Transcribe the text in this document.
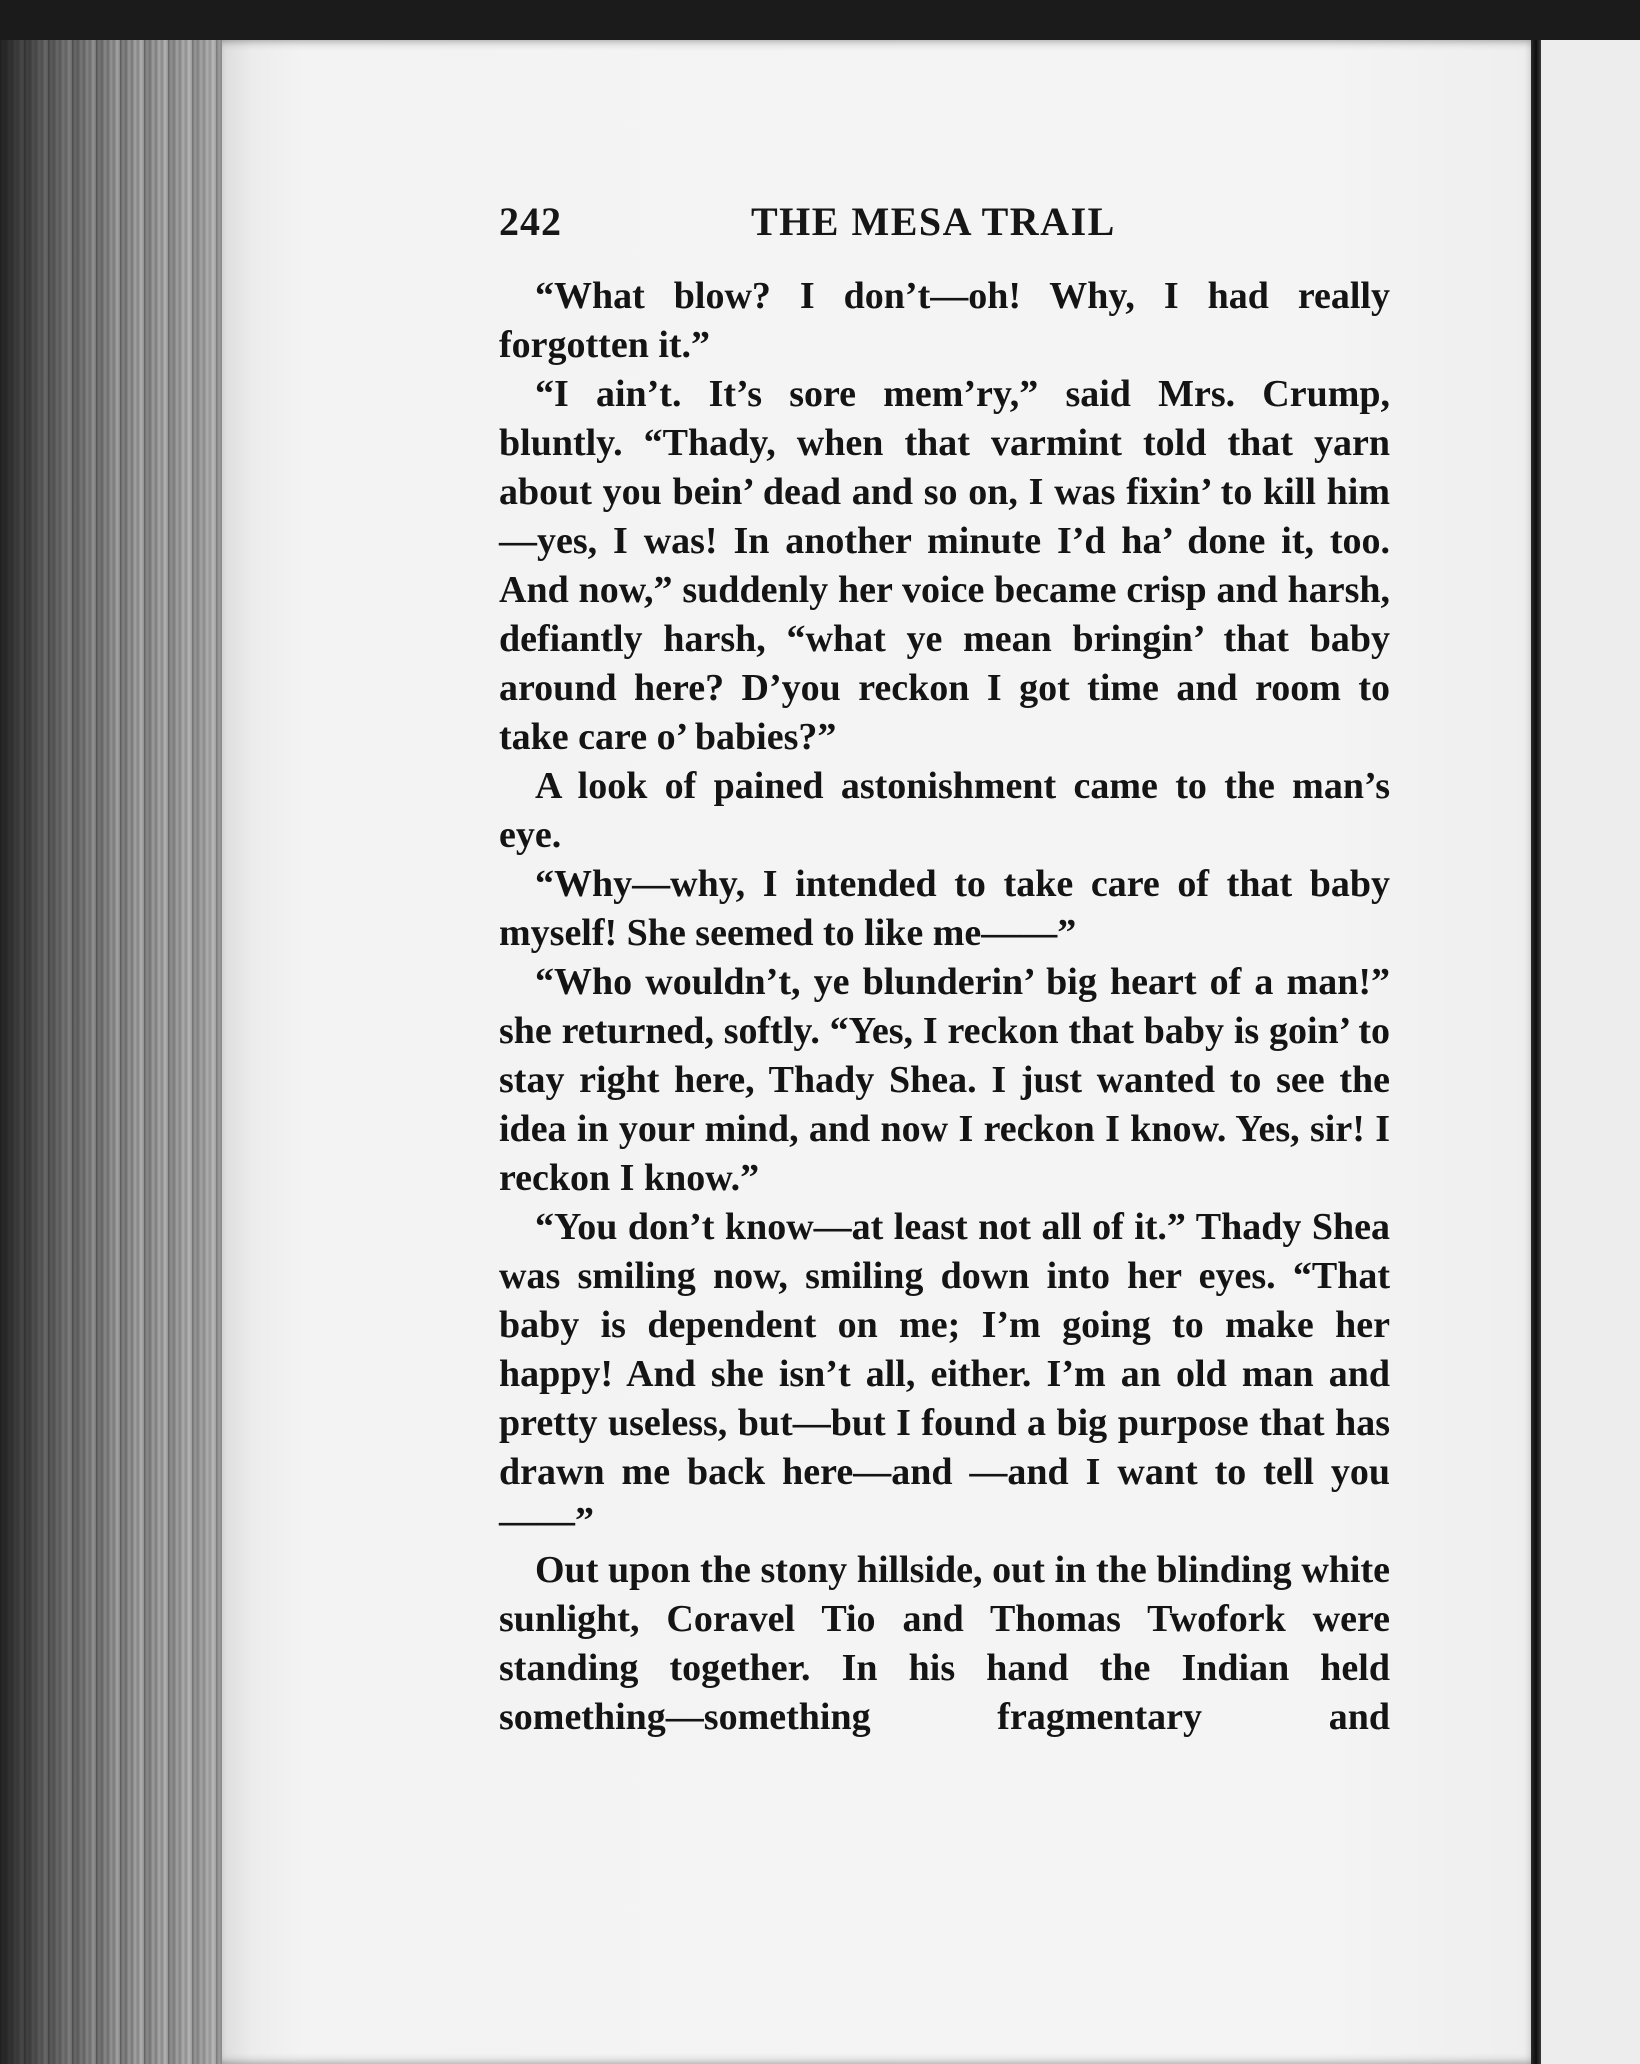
242	THE MESA TRAIL

“What blow? I don’t—oh! Why, I had really forgotten it.”

“I ain’t. It’s sore mem’ry,” said Mrs. Crump, bluntly. “Thady, when that varmint told that yarn about you bein’ dead and so on, I was fixin’ to kill him—yes, I was! In another minute I’d ha’ done it, too. And now,” suddenly her voice became crisp and harsh, defiantly harsh, “what ye mean bringin’ that baby around here? D’you reckon I got time and room to take care o’ babies?”

A look of pained astonishment came to the man’s eye.

“Why—why, I intended to take care of that baby myself! She seemed to like me——”

“Who wouldn’t, ye blunderin’ big heart of a man!” she returned, softly. “Yes, I reckon that baby is goin’ to stay right here, Thady Shea. I just wanted to see the idea in your mind, and now I reckon I know. Yes, sir! I reckon I know.”

“You don’t know—at least not all of it.” Thady Shea was smiling now, smiling down into her eyes. “That baby is dependent on me; I’m going to make her happy! And she isn’t all, either. I’m an old man and pretty useless, but—but I found a big purpose that has drawn me back here—and —and I want to tell you——”

Out upon the stony hillside, out in the blinding white sunlight, Coravel Tio and Thomas Twofork were standing together. In his hand the Indian held something—something fragmentary and
